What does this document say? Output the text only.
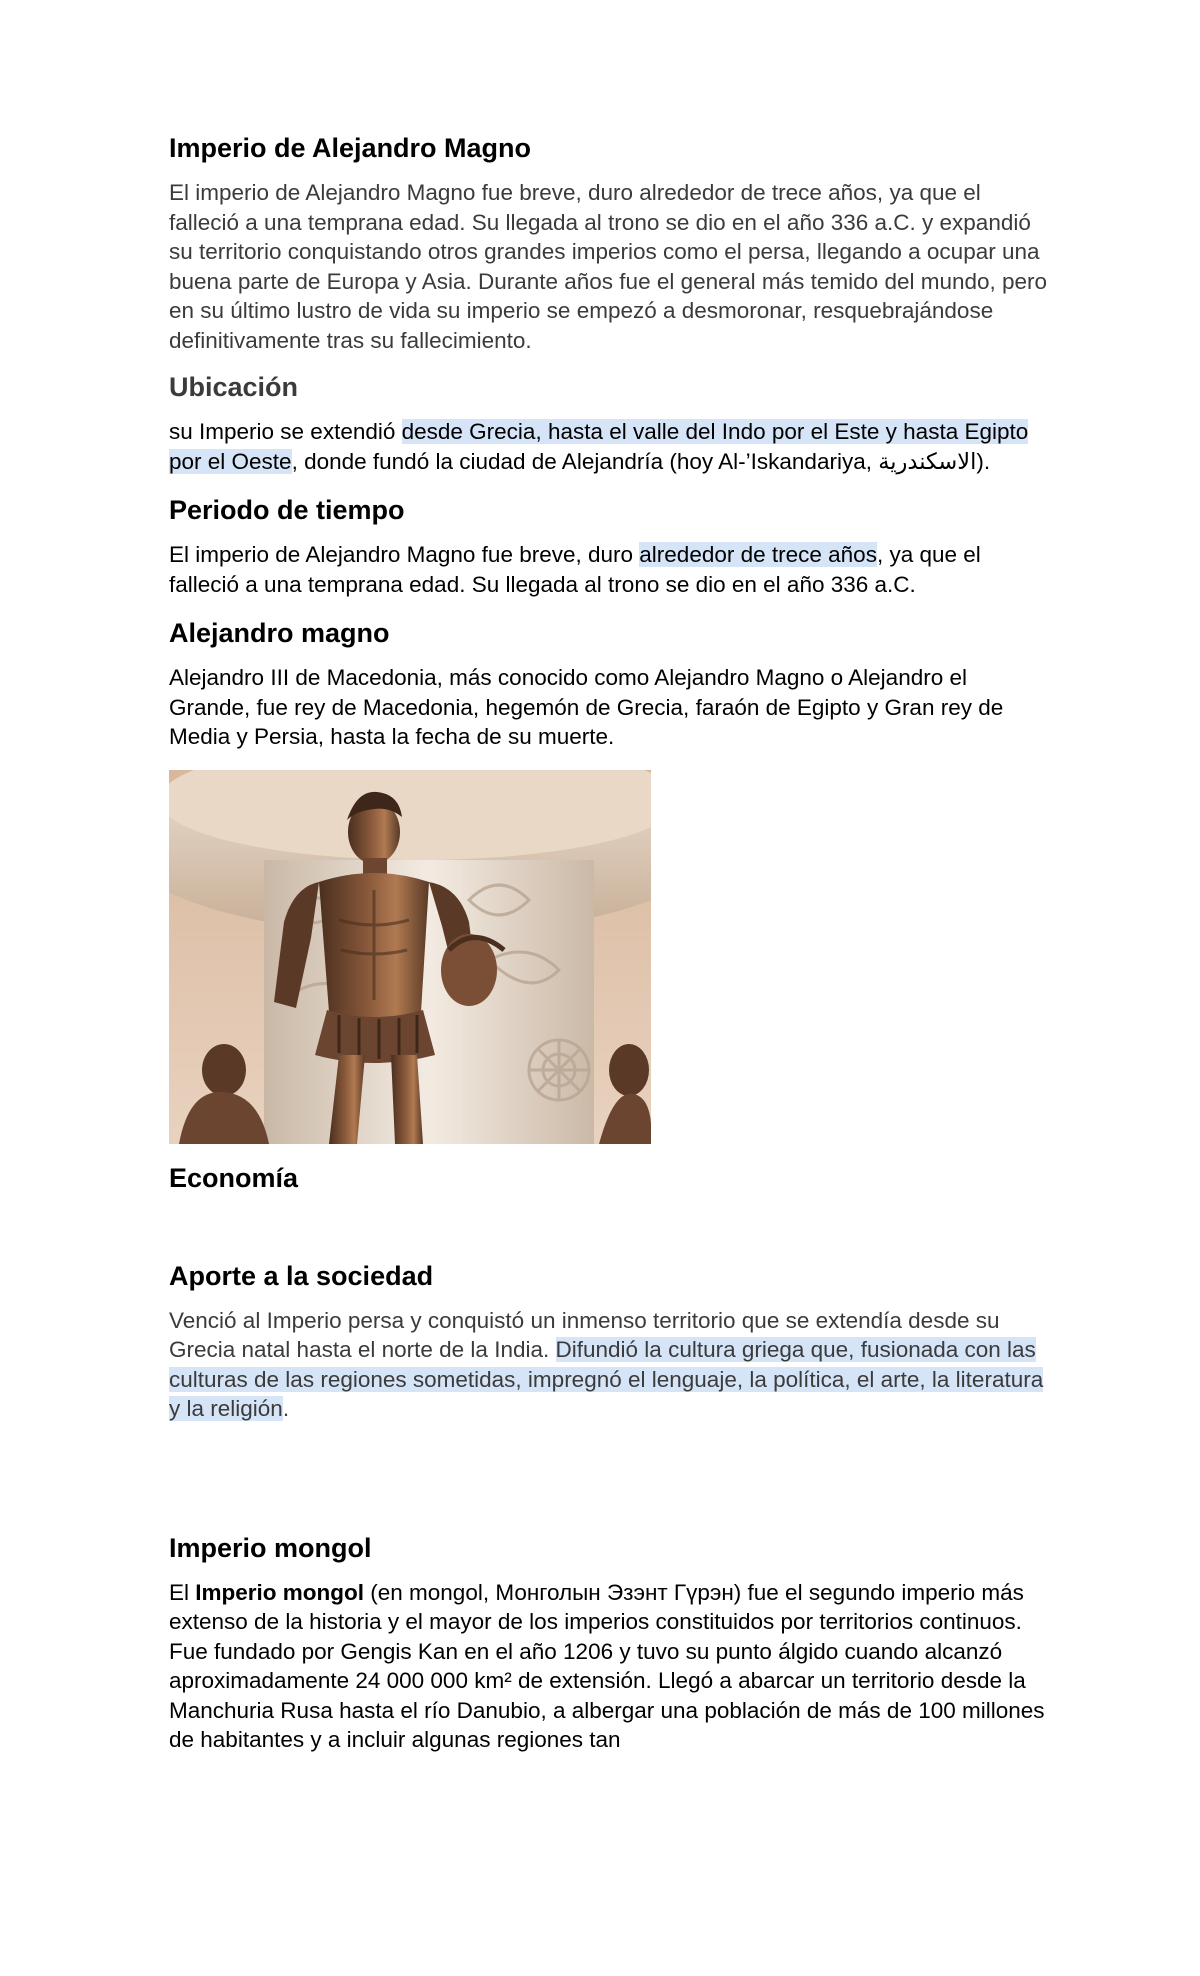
Imperio de Alejandro Magno

El imperio de Alejandro Magno fue breve, duro alrededor de trece años, ya que el falleció a una temprana edad. Su llegada al trono se dio en el año 336 a.C. y expandió su territorio conquistando otros grandes imperios como el persa, llegando a ocupar una buena parte de Europa y Asia. Durante años fue el general más temido del mundo, pero en su último lustro de vida su imperio se empezó a desmoronar, resquebrajándose definitivamente tras su fallecimiento.

Ubicación

su Imperio se extendió desde Grecia, hasta el valle del Indo por el Este y hasta Egipto por el Oeste, donde fundó la ciudad de Alejandría (hoy Al-’Iskandariya, الاسكندرية).

Periodo de tiempo

El imperio de Alejandro Magno fue breve, duro alrededor de trece años, ya que el falleció a una temprana edad. Su llegada al trono se dio en el año 336 a.C.

Alejandro magno

Alejandro III de Macedonia, más conocido como Alejandro Magno o Alejandro el Grande, fue rey de Macedonia, hegemón de Grecia, faraón de Egipto y Gran rey de Media y Persia, hasta la fecha de su muerte.

Economía
Aporte a la sociedad

Venció al Imperio persa y conquistó un inmenso territorio que se extendía desde su Grecia natal hasta el norte de la India. Difundió la cultura griega que, fusionada con las culturas de las regiones sometidas, impregnó el lenguaje, la política, el arte, la literatura y la religión.

Imperio mongol

El Imperio mongol (en mongol, Монголын Эзэнт Гүрэн) fue el segundo imperio más extenso de la historia y el mayor de los imperios constituidos por territorios continuos. Fue fundado por Gengis Kan en el año 1206 y tuvo su punto álgido cuando alcanzó aproximadamente 24 000 000 km² de extensión. Llegó a abarcar un territorio desde la Manchuria Rusa hasta el río Danubio, a albergar una población de más de 100 millones de habitantes y a incluir algunas regiones tan
